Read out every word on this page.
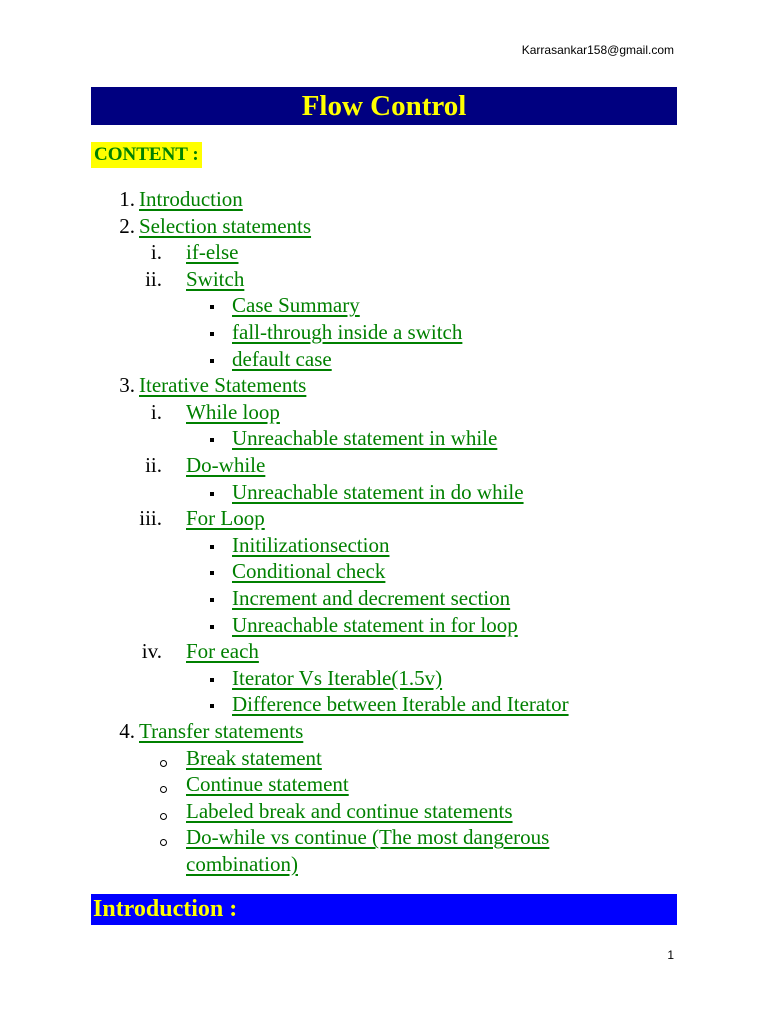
Karrasankar158@gmail.com
Flow Control
CONTENT :
1. Introduction
2. Selection statements
i. if-else
ii. Switch
Case Summary
fall-through inside a switch
default case
3. Iterative Statements
i. While loop
Unreachable statement in while
ii. Do-while
Unreachable statement in do while
iii. For Loop
Initilizationsection
Conditional check
Increment and decrement section
Unreachable statement in for loop
iv. For each
Iterator Vs Iterable(1.5v)
Difference between Iterable and Iterator
4. Transfer statements
Break statement
Continue statement
Labeled break and continue statements
Do-while vs continue (The most dangerous
combination)
Introduction :
1
